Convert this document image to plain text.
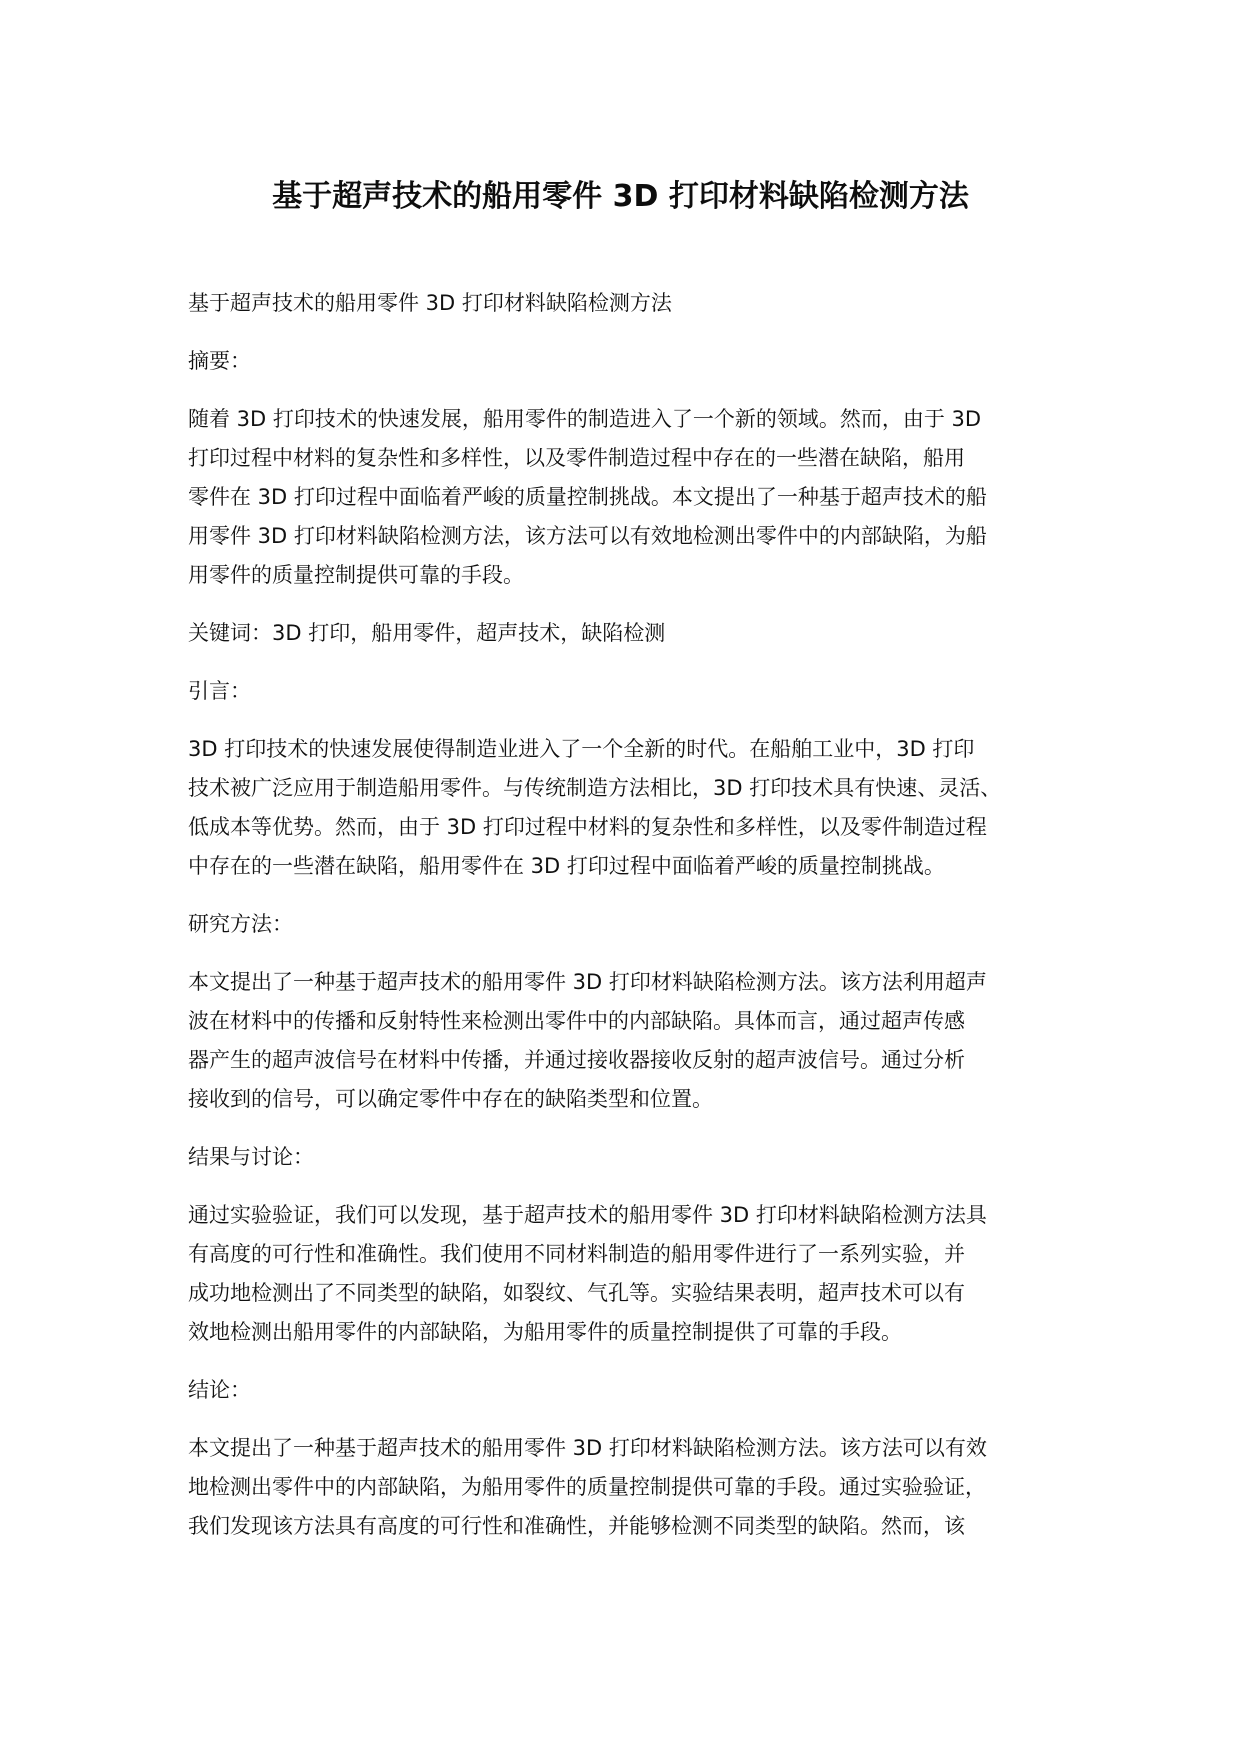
基于超声技术的船用零件 3D 打印材料缺陷检测方法

基于超声技术的船用零件 3D 打印材料缺陷检测方法

摘要：

随着 3D 打印技术的快速发展，船用零件的制造进入了一个新的领域。然而，由于 3D
打印过程中材料的复杂性和多样性，以及零件制造过程中存在的一些潜在缺陷，船用
零件在 3D 打印过程中面临着严峻的质量控制挑战。本文提出了一种基于超声技术的船
用零件 3D 打印材料缺陷检测方法，该方法可以有效地检测出零件中的内部缺陷，为船
用零件的质量控制提供可靠的手段。

关键词：3D 打印，船用零件，超声技术，缺陷检测

引言：

3D 打印技术的快速发展使得制造业进入了一个全新的时代。在船舶工业中，3D 打印
技术被广泛应用于制造船用零件。与传统制造方法相比，3D 打印技术具有快速、灵活、
低成本等优势。然而，由于 3D 打印过程中材料的复杂性和多样性，以及零件制造过程
中存在的一些潜在缺陷，船用零件在 3D 打印过程中面临着严峻的质量控制挑战。

研究方法：

本文提出了一种基于超声技术的船用零件 3D 打印材料缺陷检测方法。该方法利用超声
波在材料中的传播和反射特性来检测出零件中的内部缺陷。具体而言，通过超声传感
器产生的超声波信号在材料中传播，并通过接收器接收反射的超声波信号。通过分析
接收到的信号，可以确定零件中存在的缺陷类型和位置。

结果与讨论：

通过实验验证，我们可以发现，基于超声技术的船用零件 3D 打印材料缺陷检测方法具
有高度的可行性和准确性。我们使用不同材料制造的船用零件进行了一系列实验，并
成功地检测出了不同类型的缺陷，如裂纹、气孔等。实验结果表明，超声技术可以有
效地检测出船用零件的内部缺陷，为船用零件的质量控制提供了可靠的手段。

结论：

本文提出了一种基于超声技术的船用零件 3D 打印材料缺陷检测方法。该方法可以有效
地检测出零件中的内部缺陷，为船用零件的质量控制提供可靠的手段。通过实验验证，
我们发现该方法具有高度的可行性和准确性，并能够检测不同类型的缺陷。然而，该
